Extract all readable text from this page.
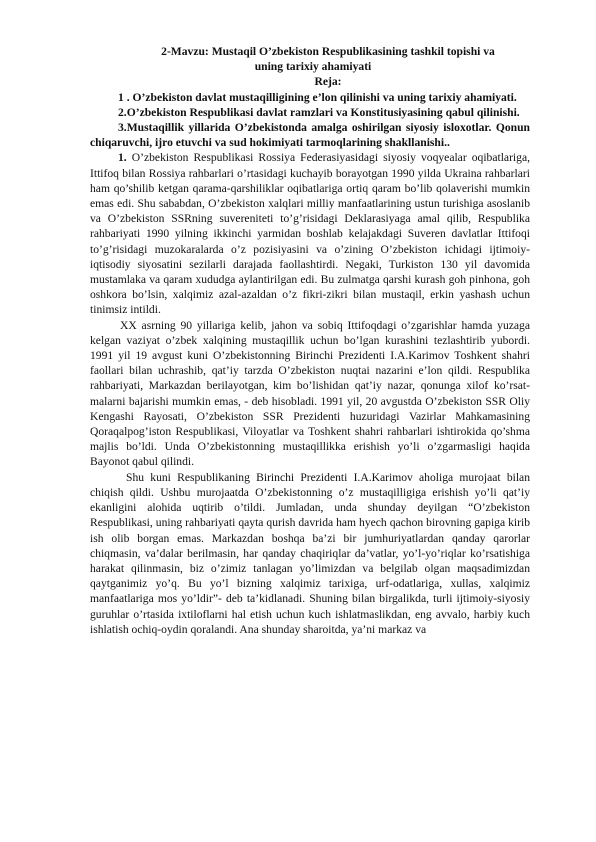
2-Mavzu: Mustaqil O’zbekiston Respublikasining tashkil topishi va
uning tarixiy ahamiyati

Reja:

1 . O’zbekiston davlat mustaqilligining e’lon qilinishi va uning tarixiy ahamiyati.

2.O’zbekiston Respublikasi davlat ramzlari va Konstitusiyasining qabul qilinishi.

3.Mustaqillik yillarida O’zbekistonda amalga oshirilgan siyosiy isloxotlar. Qonun chiqaruvchi, ijro etuvchi va sud hokimiyati tarmoqlarining shakllanishi..

1. O’zbekiston Respublikasi Rossiya Federasiyasidagi siyosiy voqyealar oqibatlariga, Ittifoq bilan Rossiya rahbarlari o’rtasidagi kuchayib borayotgan 1990 yilda Ukraina rahbarlari ham qo’shilib ketgan qarama-qarshiliklar oqibatlariga ortiq qaram bo’lib qolaverishi mumkin emas edi. Shu sababdan, O’zbekiston xalqlari milliy manfaatlarining ustun turishiga asoslanib va O’zbekiston SSRning suvereniteti to’g’risidagi Deklarasiyaga amal qilib, Respublika rahbariyati 1990 yilning ikkinchi yarmidan boshlab kelajakdagi Suveren davlatlar Ittifoqi to’g’risidagi muzokaralarda o’z pozisiyasini va o’zining O’zbekiston ichidagi ijtimoiy-iqtisodiy siyosatini sezilarli darajada faollashtirdi. Negaki, Turkiston 130 yil davomida mustamlaka va qaram xududga aylantirilgan edi. Bu zulmatga qarshi kurash goh pinhona, goh oshkora bo’lsin, xalqimiz azal-azaldan o’z fikri-zikri bilan mustaqil, erkin yashash uchun tinimsiz intildi.

XX asrning 90 yillariga kelib, jahon va sobiq Ittifoqdagi o’zgarishlar hamda yuzaga kelgan vaziyat o’zbek xalqining mustaqillik uchun bo’lgan kurashini tezlashtirib yubordi. 1991 yil 19 avgust kuni O’zbekistonning Birinchi Prezidenti I.A.Karimov Toshkent shahri faollari bilan uchrashib, qat’iy tarzda O’zbekiston nuqtai nazarini e’lon qildi. Respublika rahbariyati, Markazdan berilayotgan, kim bo’lishidan qat’iy nazar, qonunga xilof ko’rsat-malarni bajarishi mumkin emas, - deb hisobladi. 1991 yil, 20 avgustda O’zbekiston SSR Oliy Kengashi Rayosati, O’zbekiston SSR Prezidenti huzuridagi Vazirlar Mahkamasining Qoraqalpog’iston Respublikasi, Viloyatlar va Toshkent shahri rahbarlari ishtirokida qo’shma majlis bo’ldi. Unda O’zbekistonning mustaqillikka erishish yo’li o’zgarmasligi haqida Bayonot qabul qilindi.

Shu kuni Respublikaning Birinchi Prezidenti I.A.Karimov aholiga murojaat bilan chiqish qildi. Ushbu murojaatda O’zbekistonning o’z mustaqilligiga erishish yo’li qat’iy ekanligini alohida uqtirib o’tildi. Jumladan, unda shunday deyilgan “O’zbekiston Respublikasi, uning rahbariyati qayta qurish davrida ham hyech qachon birovning gapiga kirib ish olib borgan emas. Markazdan boshqa ba’zi bir jumhuriyatlardan qanday qarorlar chiqmasin, va’dalar berilmasin, har qanday chaqiriqlar da’vatlar, yo’l-yo’riqlar ko’rsatishiga harakat qilinmasin, biz o’zimiz tanlagan yo’limizdan va belgilab olgan maqsadimizdan qaytganimiz yo’q. Bu yo’l bizning xalqimiz tarixiga, urf-odatlariga, xullas, xalqimiz manfaatlariga mos yo’ldir”- deb ta’kidlanadi. Shuning bilan birgalikda, turli ijtimoiy-siyosiy guruhlar o’rtasida ixtiloflarni hal etish uchun kuch ishlatmaslikdan, eng avvalo, harbiy kuch ishlatish ochiq-oydin qoralandi. Ana shunday sharoitda, ya’ni markaz va
